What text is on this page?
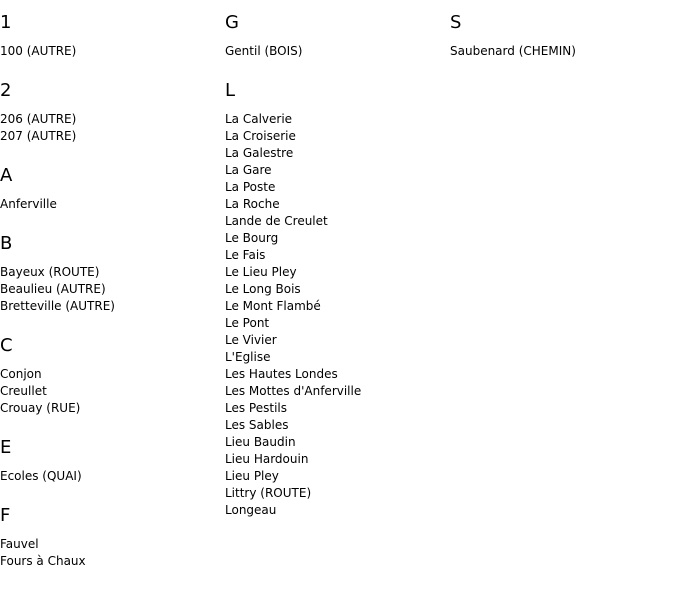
1
100 (AUTRE)
2
206 (AUTRE)
207 (AUTRE)
A
Anferville
B
Bayeux (ROUTE)
Beaulieu (AUTRE)
Bretteville (AUTRE)
C
Conjon
Creullet
Crouay (RUE)
E
Ecoles (QUAI)
F
Fauvel
Fours à Chaux
G
Gentil (BOIS)
L
La Calverie
La Croiserie
La Galestre
La Gare
La Poste
La Roche
Lande de Creulet
Le Bourg
Le Fais
Le Lieu Pley
Le Long Bois
Le Mont Flambé
Le Pont
Le Vivier
L'Eglise
Les Hautes Londes
Les Mottes d'Anferville
Les Pestils
Les Sables
Lieu Baudin
Lieu Hardouin
Lieu Pley
Littry (ROUTE)
Longeau
S
Saubenard (CHEMIN)
